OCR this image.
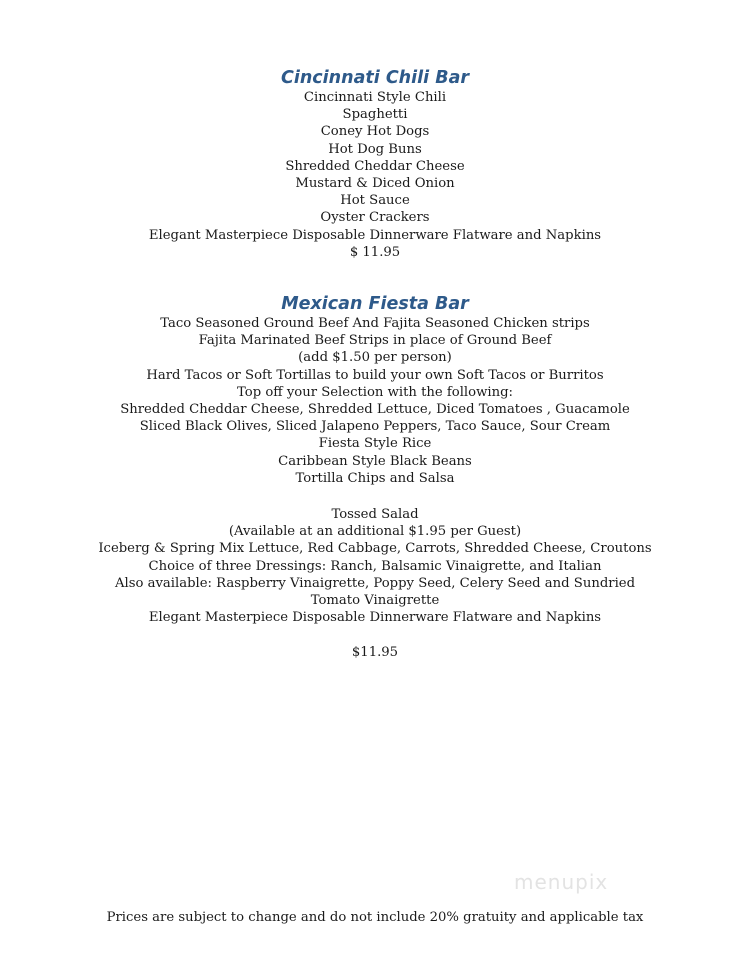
Cincinnati Chili Bar
Cincinnati Style Chili
Spaghetti
Coney Hot Dogs
Hot Dog Buns
Shredded Cheddar Cheese
Mustard & Diced Onion
Hot Sauce
Oyster Crackers
Elegant Masterpiece Disposable Dinnerware Flatware and Napkins
$ 11.95
Mexican Fiesta Bar
Taco Seasoned Ground Beef And Fajita Seasoned Chicken strips
Fajita Marinated Beef Strips in place of Ground Beef
(add $1.50 per person)
Hard Tacos or Soft Tortillas to build your own Soft Tacos or Burritos
Top off your Selection with the following:
Shredded Cheddar Cheese, Shredded Lettuce, Diced Tomatoes , Guacamole
Sliced Black Olives, Sliced Jalapeno Peppers, Taco Sauce, Sour Cream
Fiesta Style Rice
Caribbean Style Black Beans
Tortilla Chips and Salsa
Tossed Salad
(Available at an additional $1.95 per Guest)
Iceberg & Spring Mix Lettuce, Red Cabbage, Carrots, Shredded Cheese, Croutons
Choice of three Dressings: Ranch, Balsamic Vinaigrette, and Italian
Also available: Raspberry Vinaigrette, Poppy Seed, Celery Seed and Sundried
Tomato Vinaigrette
Elegant Masterpiece Disposable Dinnerware Flatware and Napkins
$11.95
menupix
Prices are subject to change and do not include 20% gratuity and applicable tax
